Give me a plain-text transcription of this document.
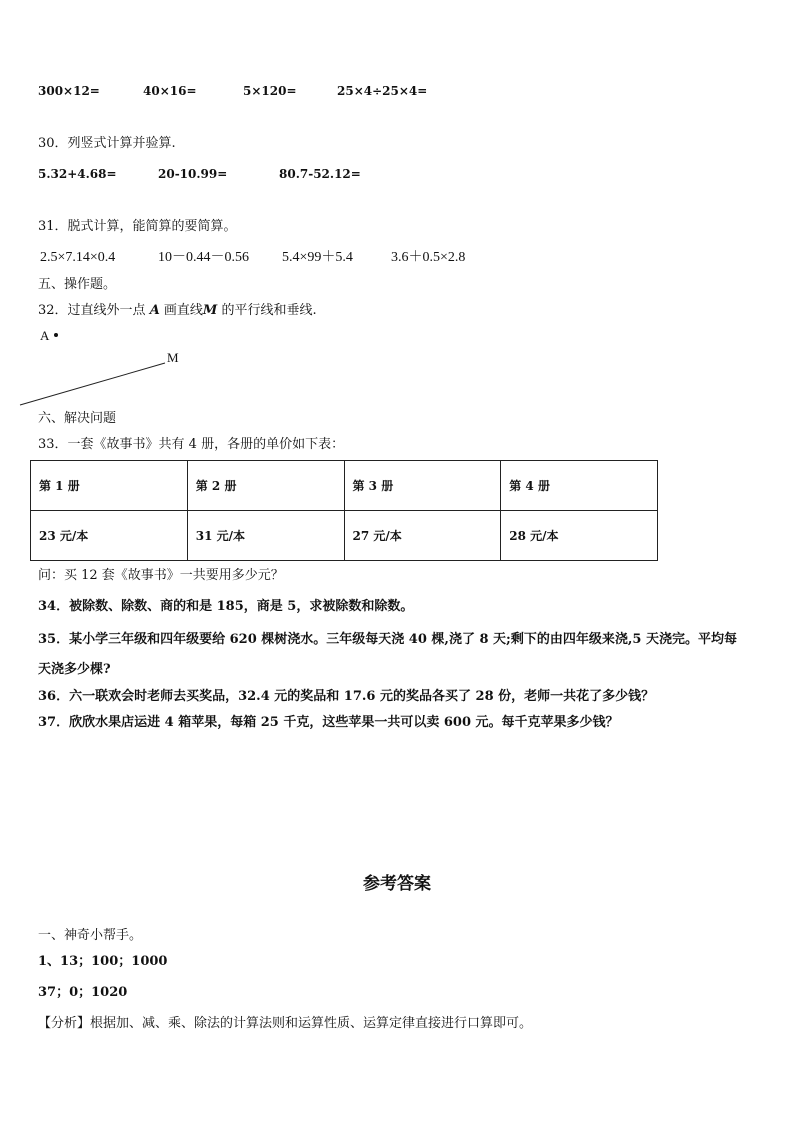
300×12=	40×16=	5×120=	25×4÷25×4=
30．列竖式计算并验算.
5.32+4.68=	20-10.99=	80.7-52.12=
31．脱式计算，能简算的要简算。
2.5×7.14×0.4	10－0.44－0.56 5.4×99＋5.4	3.6＋0.5×2.8
五、操作题。
32．过直线外一点 A 画直线M 的平行线和垂线.
A
M
六、解决问题
33．一套《故事书》共有 4 册，各册的单价如下表：
第 1 册	第 2 册	第 3 册	第 4 册
23 元/本	31 元/本	27 元/本	28 元/本
问：买 12 套《故事书》一共要用多少元？
34．被除数、除数、商的和是 185，商是 5，求被除数和除数。
35．某小学三年级和四年级要给 620 棵树浇水。三年级每天浇 40 棵,浇了 8 天;剩下的由四年级来浇,5 天浇完。平均每
天浇多少棵?
36．六一联欢会时老师去买奖品，32.4 元的奖品和 17.6 元的奖品各买了 28 份，老师一共花了多少钱？
37．欣欣水果店运进 4 箱苹果，每箱 25 千克，这些苹果一共可以卖 600 元。每千克苹果多少钱？
参考答案
一、神奇小帮手。
1、13；100；1000
37；0；1020
【分析】根据加、减、乘、除法的计算法则和运算性质、运算定律直接进行口算即可。
